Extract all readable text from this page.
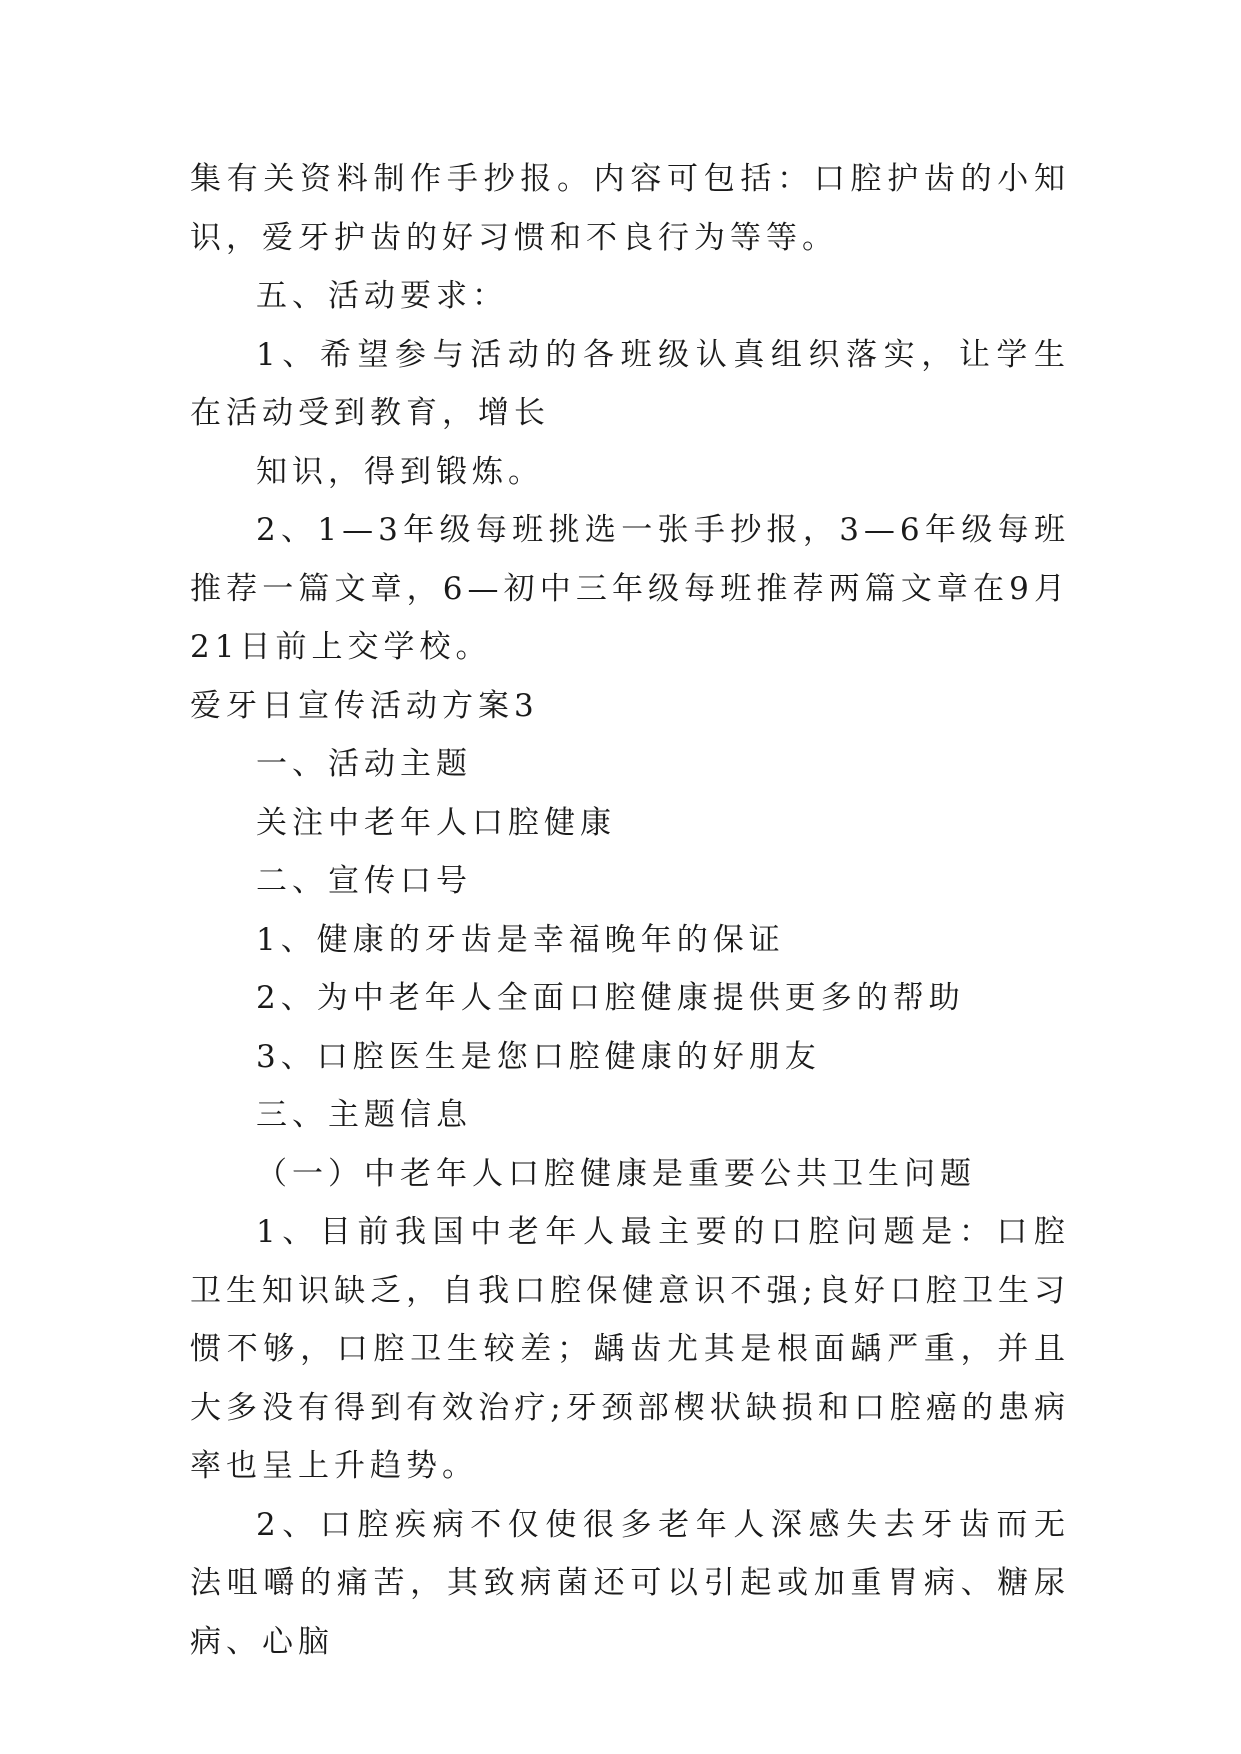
集有关资料制作手抄报。内容可包括：口腔护齿的小知识，爱牙护齿的好习惯和不良行为等等。

五、活动要求：

1、希望参与活动的各班级认真组织落实，让学生在活动受到教育，增长

知识，得到锻炼。

2、1—3年级每班挑选一张手抄报，3—6年级每班推荐一篇文章，6—初中三年级每班推荐两篇文章在9月21日前上交学校。

爱牙日宣传活动方案3

一、活动主题

关注中老年人口腔健康

二、宣传口号

1、健康的牙齿是幸福晚年的保证

2、为中老年人全面口腔健康提供更多的帮助

3、口腔医生是您口腔健康的好朋友

三、主题信息

（一）中老年人口腔健康是重要公共卫生问题

1、目前我国中老年人最主要的口腔问题是：口腔卫生知识缺乏，自我口腔保健意识不强;良好口腔卫生习惯不够，口腔卫生较差；龋齿尤其是根面龋严重，并且大多没有得到有效治疗;牙颈部楔状缺损和口腔癌的患病率也呈上升趋势。

2、口腔疾病不仅使很多老年人深感失去牙齿而无法咀嚼的痛苦，其致病菌还可以引起或加重胃病、糖尿病、心脑
